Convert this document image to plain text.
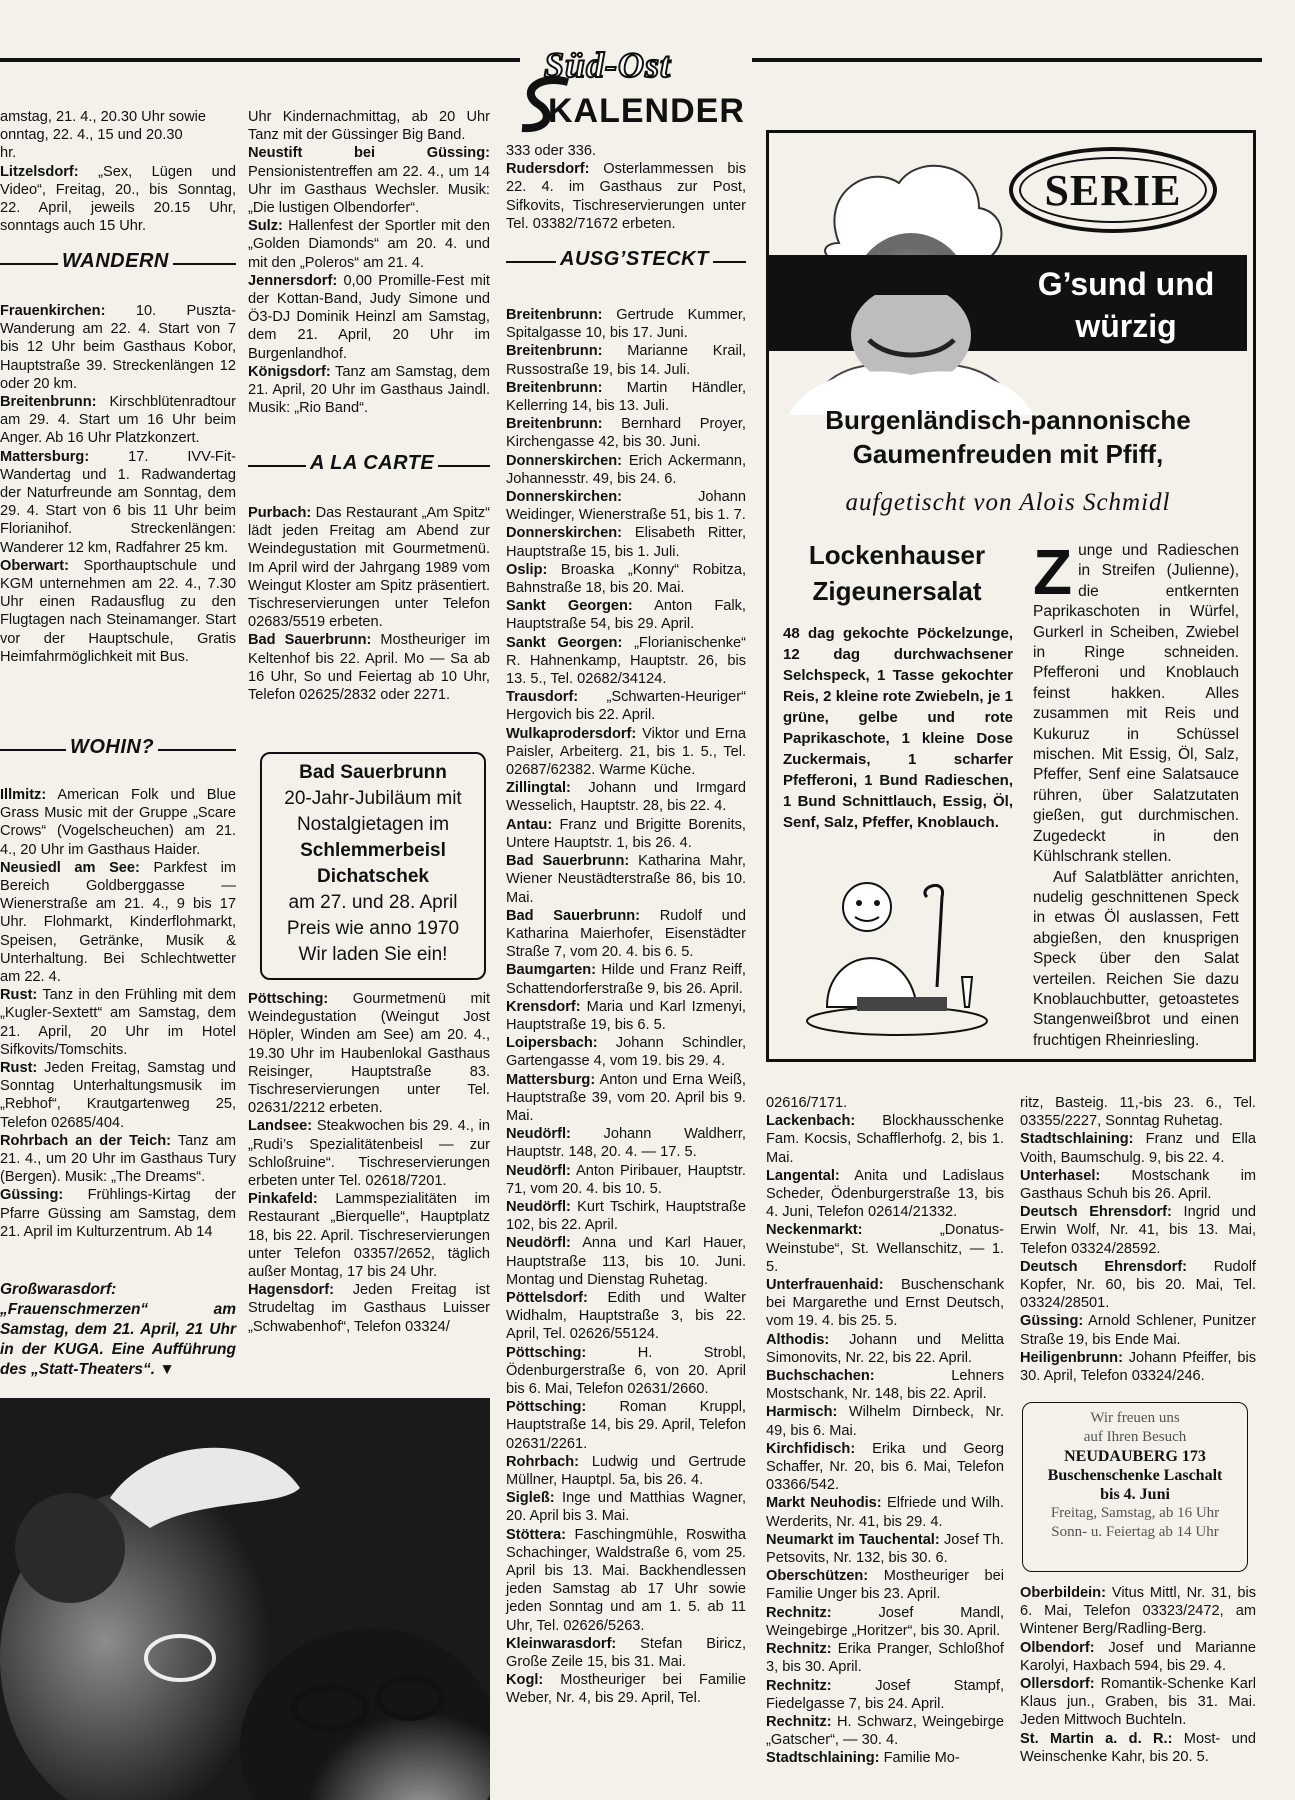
Süd-Ost
KALENDER

amstag, 21. 4., 20.30 Uhr sowie

onntag, 22. 4., 15 und 20.30

hr.

Litzelsdorf: „Sex, Lügen und Video“, Freitag, 20., bis Sonntag, 22. April, jeweils 20.15 Uhr, sonntags auch 15 Uhr.

WANDERN

Frauenkirchen: 10. Puszta-Wanderung am 22. 4. Start von 7 bis 12 Uhr beim Gasthaus Kobor, Hauptstraße 39. Streckenlängen 12 oder 20 km.

Breitenbrunn: Kirschblütenradtour am 29. 4. Start um 16 Uhr beim Anger. Ab 16 Uhr Platzkonzert.

Mattersburg: 17. IVV-Fit-Wandertag und 1. Radwandertag der Naturfreunde am Sonntag, dem 29. 4. Start von 6 bis 11 Uhr beim Florianihof. Streckenlängen: Wanderer 12 km, Radfahrer 25 km.

Oberwart: Sporthauptschule und KGM unternehmen am 22. 4., 7.30 Uhr einen Radausflug zu den Flugtagen nach Steinamanger. Start vor der Hauptschule, Gratis Heimfahrmöglichkeit mit Bus.

WOHIN?

Illmitz: American Folk und Blue Grass Music mit der Gruppe „Scare Crows“ (Vogelscheuchen) am 21. 4., 20 Uhr im Gasthaus Haider.

Neusiedl am See: Parkfest im Bereich Goldberggasse — Wienerstraße am 21. 4., 9 bis 17 Uhr. Flohmarkt, Kinderflohmarkt, Speisen, Getränke, Musik & Unterhaltung. Bei Schlechtwetter am 22. 4.

Rust: Tanz in den Frühling mit dem „Kugler-Sextett“ am Samstag, dem 21. April, 20 Uhr im Hotel Sifkovits/Tomschits.

Rust: Jeden Freitag, Samstag und Sonntag Unterhaltungsmusik im „Rebhof“, Krautgartenweg 25, Telefon 02685/404.

Rohrbach an der Teich: Tanz am 21. 4., um 20 Uhr im Gasthaus Tury (Bergen). Musik: „The Dreams“.

Güssing: Frühlings-Kirtag der Pfarre Güssing am Samstag, dem 21. April im Kulturzentrum. Ab 14

Großwarasdorf: „Frauenschmerzen“ am Samstag, dem 21. April, 21 Uhr in der KUGA. Eine Aufführung des „Statt-Theaters“. ▼

Uhr Kindernachmittag, ab 20 Uhr Tanz mit der Güssinger Big Band.

Neustift bei Güssing: Pensionistentreffen am 22. 4., um 14 Uhr im Gasthaus Wechsler. Musik: „Die lustigen Olbendorfer“.

Sulz: Hallenfest der Sportler mit den „Golden Diamonds“ am 20. 4. und mit den „Poleros“ am 21. 4.

Jennersdorf: 0,00 Promille-Fest mit der Kottan-Band, Judy Simone und Ö3-DJ Dominik Heinzl am Samstag, dem 21. April, 20 Uhr im Burgenlandhof.

Königsdorf: Tanz am Samstag, dem 21. April, 20 Uhr im Gasthaus Jaindl. Musik: „Rio Band“.

A LA CARTE

Purbach: Das Restaurant „Am Spitz“ lädt jeden Freitag am Abend zur Weindegustation mit Gourmetmenü. Im April wird der Jahrgang 1989 vom Weingut Kloster am Spitz präsentiert. Tischreservierungen unter Telefon 02683/5519 erbeten.

Bad Sauerbrunn: Mostheuriger im Keltenhof bis 22. April. Mo — Sa ab 16 Uhr, So und Feiertag ab 10 Uhr, Telefon 02625/2832 oder 2271.

Bad Sauerbrunn
20-Jahr-Jubiläum mit
Nostalgietagen im
Schlemmerbeisl
Dichatschek
am 27. und 28. April
Preis wie anno 1970
Wir laden Sie ein!

Pöttsching: Gourmetmenü mit Weindegustation (Weingut Jost Höpler, Winden am See) am 20. 4., 19.30 Uhr im Haubenlokal Gasthaus Reisinger, Hauptstraße 83. Tischreservierungen unter Tel. 02631/2212 erbeten.

Landsee: Steakwochen bis 29. 4., in „Rudi’s Spezialitätenbeisl — zur Schloßruine“. Tischreservierungen erbeten unter Tel. 02618/7201.

Pinkafeld: Lammspezialitäten im Restaurant „Bierquelle“, Hauptplatz 18, bis 22. April. Tischreservierungen unter Telefon 03357/2652, täglich außer Montag, 17 bis 24 Uhr.

Hagensdorf: Jeden Freitag ist Strudeltag im Gasthaus Luisser „Schwabenhof“, Telefon 03324/

333 oder 336.

Rudersdorf: Osterlammessen bis 22. 4. im Gasthaus zur Post, Sifkovits, Tischreservierungen unter Tel. 03382/71672 erbeten.

AUSG’STECKT

Breitenbrunn: Gertrude Kummer, Spitalgasse 10, bis 17. Juni.

Breitenbrunn: Marianne Krail, Russostraße 19, bis 14. Juli.

Breitenbrunn: Martin Händler, Kellerring 14, bis 13. Juli.

Breitenbrunn: Bernhard Proyer, Kirchengasse 42, bis 30. Juni.

Donnerskirchen: Erich Ackermann, Johannesstr. 49, bis 24. 6.

Donnerskirchen: Johann Weidinger, Wienerstraße 51, bis 1. 7.

Donnerskirchen: Elisabeth Ritter, Hauptstraße 15, bis 1. Juli.

Oslip: Broaska „Konny“ Robitza, Bahnstraße 18, bis 20. Mai.

Sankt Georgen: Anton Falk, Hauptstraße 54, bis 29. April.

Sankt Georgen: „Florianischenke“ R. Hahnenkamp, Hauptstr. 26, bis 13. 5., Tel. 02682/34124.

Trausdorf: „Schwarten-Heuriger“ Hergovich bis 22. April.

Wulkaprodersdorf: Viktor und Erna Paisler, Arbeiterg. 21, bis 1. 5., Tel. 02687/62382. Warme Küche.

Zillingtal: Johann und Irmgard Wesselich, Hauptstr. 28, bis 22. 4.

Antau: Franz und Brigitte Borenits, Untere Hauptstr. 1, bis 26. 4.

Bad Sauerbrunn: Katharina Mahr, Wiener Neustädterstraße 86, bis 10. Mai.

Bad Sauerbrunn: Rudolf und Katharina Maierhofer, Eisenstädter Straße 7, vom 20. 4. bis 6. 5.

Baumgarten: Hilde und Franz Reiff, Schattendorferstraße 9, bis 26. April.

Krensdorf: Maria und Karl Izmenyi, Hauptstraße 19, bis 6. 5.

Loipersbach: Johann Schindler, Gartengasse 4, vom 19. bis 29. 4.

Mattersburg: Anton und Erna Weiß, Hauptstraße 39, vom 20. April bis 9. Mai.

Neudörfl: Johann Waldherr, Hauptstr. 148, 20. 4. — 17. 5.

Neudörfl: Anton Piribauer, Hauptstr. 71, vom 20. 4. bis 10. 5.

Neudörfl: Kurt Tschirk, Hauptstraße 102, bis 22. April.

Neudörfl: Anna und Karl Hauer, Hauptstraße 113, bis 10. Juni. Montag und Dienstag Ruhetag.

Pöttelsdorf: Edith und Walter Widhalm, Hauptstraße 3, bis 22. April, Tel. 02626/55124.

Pöttsching: H. Strobl, Ödenburgerstraße 6, von 20. April bis 6. Mai, Telefon 02631/2660.

Pöttsching: Roman Kruppl, Hauptstraße 14, bis 29. April, Telefon 02631/2261.

Rohrbach: Ludwig und Gertrude Müllner, Hauptpl. 5a, bis 26. 4.

Sigleß: Inge und Matthias Wagner, 20. April bis 3. Mai.

Stöttera: Faschingmühle, Roswitha Schachinger, Waldstraße 6, vom 25. April bis 13. Mai. Backhendlessen jeden Samstag ab 17 Uhr sowie jeden Sonntag und am 1. 5. ab 11 Uhr, Tel. 02626/5263.

Kleinwarasdorf: Stefan Biricz, Große Zeile 15, bis 31. Mai.

Kogl: Mostheuriger bei Familie Weber, Nr. 4, bis 29. April, Tel.

SERIE
G’sund und
würzig
Burgenländisch-pannonische
Gaumenfreuden mit Pfiff,
aufgetischt von Alois Schmidl
Lockenhauser
Zigeunersalat
48 dag gekochte Pöckelzunge, 12 dag durchwachsener Selchspeck, 1 Tasse gekochter Reis, 2 kleine rote Zwiebeln, je 1 grüne, gelbe und rote Paprikaschote, 1 kleine Dose Zuckermais, 1 scharfer Pfefferoni, 1 Bund Radieschen, 1 Bund Schnittlauch, Essig, Öl, Senf, Salz, Pfeffer, Knoblauch.
Z unge und Radieschen in Streifen (Julienne), die entkernten Paprikaschoten in Würfel, Gurkerl in Scheiben, Zwiebel in Ringe schneiden. Pfefferoni und Knoblauch feinst hakken. Alles zusammen mit Reis und Kukuruz in Schüssel mischen. Mit Essig, Öl, Salz, Pfeffer, Senf eine Salatsauce rühren, über Salatzutaten gießen, gut durchmischen. Zugedeckt in den Kühlschrank stellen.

Auf Salatblätter anrichten, nudelig geschnittenen Speck in etwas Öl auslassen, Fett abgießen, den knusprigen Speck über den Salat verteilen. Reichen Sie dazu Knoblauchbutter, getoastetes Stangenweißbrot und einen fruchtigen Rheinriesling.

02616/7171.

Lackenbach: Blockhausschenke Fam. Kocsis, Schafflerhofg. 2, bis 1. Mai.

Langental: Anita und Ladislaus Scheder, Ödenburgerstraße 13, bis 4. Juni, Telefon 02614/21332.

Neckenmarkt: „Donatus-Weinstube“, St. Wellanschitz, — 1. 5.

Unterfrauenhaid: Buschenschank bei Margarethe und Ernst Deutsch, vom 19. 4. bis 25. 5.

Althodis: Johann und Melitta Simonovits, Nr. 22, bis 22. April.

Buchschachen: Lehners Mostschank, Nr. 148, bis 22. April.

Harmisch: Wilhelm Dirnbeck, Nr. 49, bis 6. Mai.

Kirchfidisch: Erika und Georg Schaffer, Nr. 20, bis 6. Mai, Telefon 03366/542.

Markt Neuhodis: Elfriede und Wilh. Werderits, Nr. 41, bis 29. 4.

Neumarkt im Tauchental: Josef Th. Petsovits, Nr. 132, bis 30. 6.

Oberschützen: Mostheuriger bei Familie Unger bis 23. April.

Rechnitz: Josef Mandl, Weingebirge „Horitzer“, bis 30. April.

Rechnitz: Erika Pranger, Schloßhof 3, bis 30. April.

Rechnitz: Josef Stampf, Fiedelgasse 7, bis 24. April.

Rechnitz: H. Schwarz, Weingebirge „Gatscher“, — 30. 4.

Stadtschlaining: Familie Mo-

ritz, Basteig. 11,-bis 23. 6., Tel. 03355/2227, Sonntag Ruhetag.

Stadtschlaining: Franz und Ella Voith, Baumschulg. 9, bis 22. 4.

Unterhasel: Mostschank im Gasthaus Schuh bis 26. April.

Deutsch Ehrensdorf: Ingrid und Erwin Wolf, Nr. 41, bis 13. Mai, Telefon 03324/28592.

Deutsch Ehrensdorf: Rudolf Kopfer, Nr. 60, bis 20. Mai, Tel. 03324/28501.

Güssing: Arnold Schlener, Punitzer Straße 19, bis Ende Mai.

Heiligenbrunn: Johann Pfeiffer, bis 30. April, Telefon 03324/246.

Wir freuen uns
auf Ihren Besuch
NEUDAUBERG 173
Buschenschenke Laschalt
bis 4. Juni
Freitag, Samstag, ab 16 Uhr
Sonn- u. Feiertag ab 14 Uhr

Oberbildein: Vitus Mittl, Nr. 31, bis 6. Mai, Telefon 03323/2472, am Wintener Berg/Radling-Berg.

Olbendorf: Josef und Marianne Karolyi, Haxbach 594, bis 29. 4.

Ollersdorf: Romantik-Schenke Karl Klaus jun., Graben, bis 31. Mai. Jeden Mittwoch Buchteln.

St. Martin a. d. R.: Most- und Weinschenke Kahr, bis 20. 5.
